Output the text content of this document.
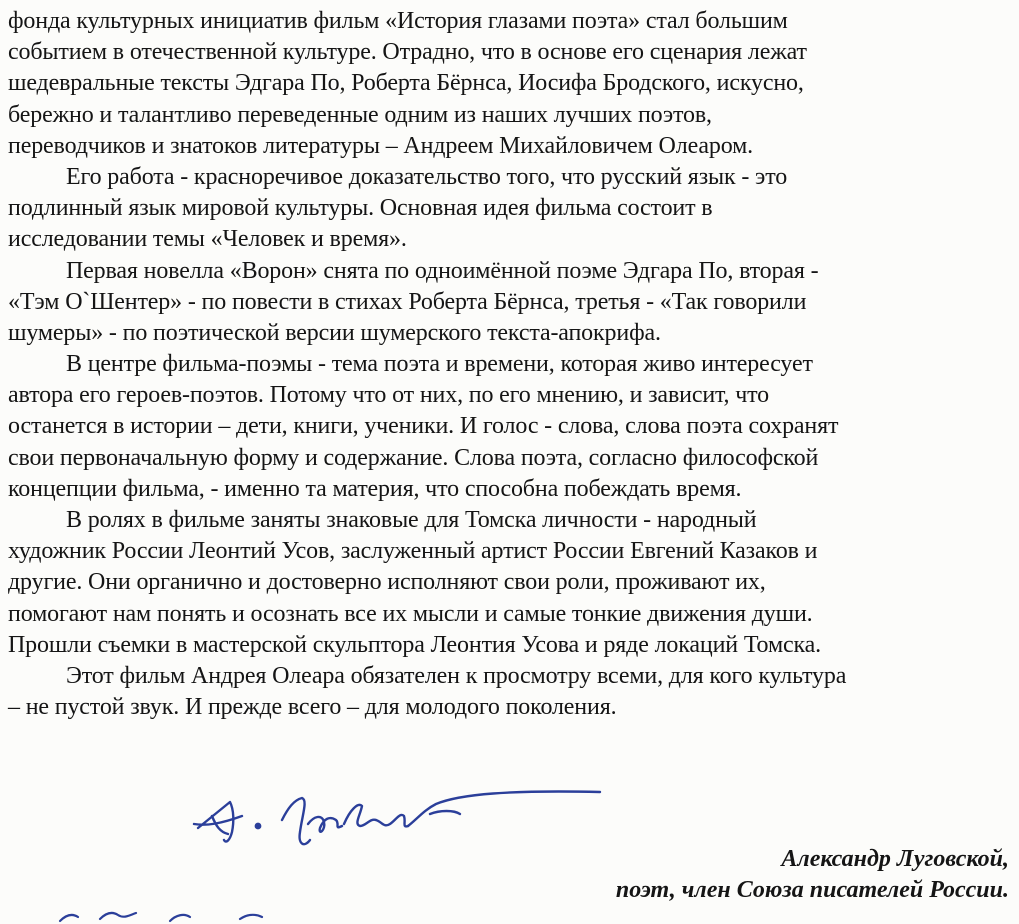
фонда культурных инициатив фильм «История глазами поэта» стал большим
событием в отечественной культуре. Отрадно, что в основе его сценария лежат
шедевральные тексты Эдгара По, Роберта Бёрнса, Иосифа Бродского, искусно,
бережно и талантливо переведенные одним из наших лучших поэтов,
переводчиков и знатоков литературы – Андреем Михайловичем Олеаром.
Его работа - красноречивое доказательство того, что русский язык - это
подлинный язык мировой культуры. Основная идея фильма состоит в
исследовании темы «Человек и время».
Первая новелла «Ворон» снята по одноимённой поэме Эдгара По, вторая -
«Тэм О`Шентер» - по повести в стихах Роберта Бёрнса, третья - «Так говорили
шумеры» - по поэтической версии шумерского текста-апокрифа.
В центре фильма-поэмы - тема поэта и времени, которая живо интересует
автора его героев-поэтов. Потому что от них, по его мнению, и зависит, что
останется в истории – дети, книги, ученики. И голос - слова, слова поэта сохранят
свои первоначальную форму и содержание. Слова поэта, согласно философской
концепции фильма, - именно та материя, что способна побеждать время.
В ролях в фильме заняты знаковые для Томска личности - народный
художник России Леонтий Усов, заслуженный артист России Евгений Казаков и
другие. Они органично и достоверно исполняют свои роли, проживают их,
помогают нам понять и осознать все их мысли и самые тонкие движения души.
Прошли съемки в мастерской скульптора Леонтия Усова и ряде локаций Томска.
Этот фильм Андрея Олеара обязателен к просмотру всеми, для кого культура
– не пустой звук. И прежде всего – для молодого поколения.
Александр Луговской,
поэт, член Союза писателей России.
